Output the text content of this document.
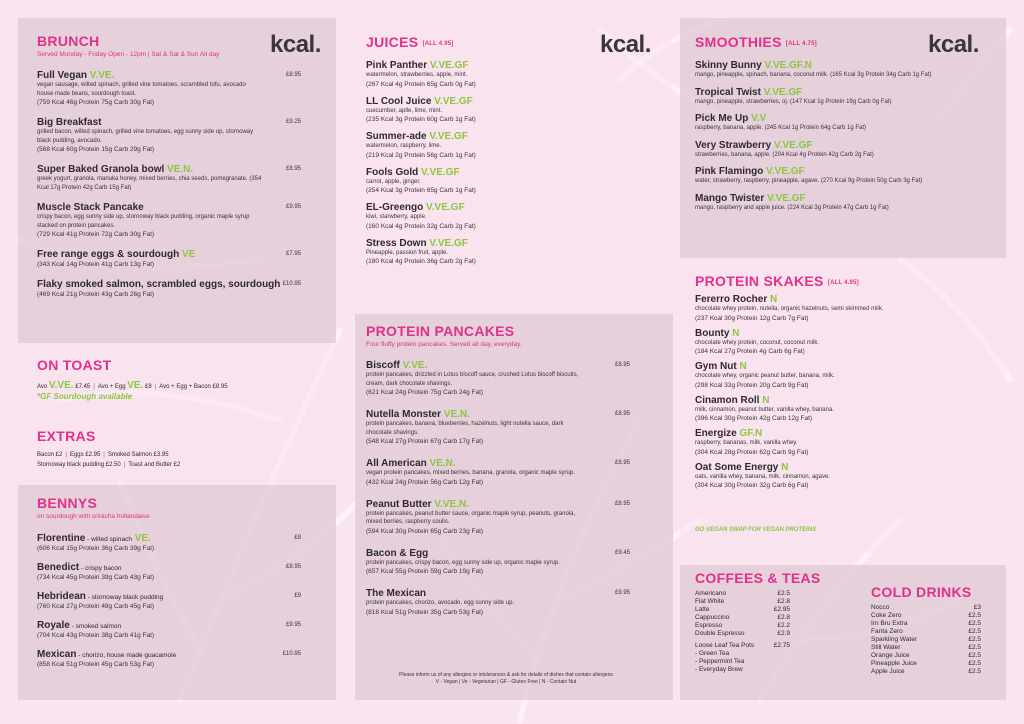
BRUNCH
Served Monday - Friday Open - 12pm | Sat & Sat & Sun All day
Full Vegan V.VE.	£8.95
vegan sausage, wilted spinach, grilled vine tomatoes, scrambled tofu, avocado house made beans, sourdough toast.
(759 Kcal 46g Protein 75g Carb 30g Fat)
Big Breakfast	£9.25
grilled bacon, wilted spinach, grilled vine tomatoes, egg sunny side up, stornoway black pudding, avocado.
(568 Kcal 60g Protein 15g Carb 29g Fat)
Super Baked Granola bowl VE.N.	£8.95
greek yogurt, granola, manuka honey, mixed berries, chia seeds, pomegranate. (354 Kcal 17g Protein 42g Carb 15g Fat)
Muscle Stack Pancake	£9.95
crispy bacon, egg sunny side up, stornoway black pudding, organic maple syrup stacked on protein pancakes.
(729 Kcal 41g Protein 72g Carb 30g Fat)
Free range eggs & sourdough VE	£7.95
(343 Kcal 14g Protein 41g Carb 13g Fat)
Flaky smoked salmon, scrambled eggs, sourdough £10.95
(469 Kcal 21g Protein 43g Carb 26g Fat)
ON TOAST
Avo V.VE. £7.45 | Avo + Egg VE. £8 | Avo + Egg + Bacon £8.95
*GF Sourdough available
EXTRAS
Bacon £2 | Eggs £2.95 | Smoked Salmon £3.95
Stornoway black pudding £2.50 | Toast and Butter £2
BENNYS
on sourdough with sriracha hollandaise
Florentine - wilted spinach VE.	£8
(606 Kcal 15g Protein 36g Carb 39g Fat)
Benedict - crispy bacon	£8.95
(734 Kcal 45g Protein 39g Carb 43g Fat)
Hebridean - stornoway black pudding	£9
(760 Kcal 27g Protein 49g Carb 45g Fat)
Royale - smoked salmon	£9.95
(704 Kcal 43g Protein 38g Carb 41g Fat)
Mexican - chorizo, house made guacamole	£10.95
(858 Kcal 51g Protein 45g Carb 53g Fat)
kcal.	JUICES [ALL 4.95]
Pink Panther V.VE.GF
watermelon, strawberries, apple, mint.
(267 Kcal 4g Protein 65g Carb 0g Fat)
LL Cool Juice V.VE.GF
cuecumber, aplle, lime, mint.
(235 Kcal 3g Protein 60g Carb 1g Fat)
Summer-ade V.VE.GF
watermelon, raspberry, lime.
(219 Kcal 2g Protein 56g Carb 1g Fat)
Fools Gold V.VE.GF
carrot, apple, ginger.
(254 Kcal 3g Protein 65g Carb 1g Fat)
EL-Greengo V.VE.GF
kiwi, starwberry, apple.
(160 Kcal 4g Protein 32g Carb 2g Fat)
Stress Down V.VE.GF
Pineapple, passion fruit, apple.
(180 Kcal 4g Protein 36g Carb 2g Fat)
PROTEIN PANCAKES
Four fluffy protein pancakes. Served all day, everyday.
Biscoff V.VE.	£8.95
protein pancakes, drizzled in Lotus biscoff sauce, crushed Lotus biscoff biscuits, cream, dark chocolate shavings.
(621 Kcal 24g Protein 75g Carb 24g Fat)
Nutella Monster VE.N.	£8.95
protein pancakes, banana, blueberries, hazelnuts, light nutella sauce, dark chocolate shavings.
(548 Kcal 27g Protein 67g Carb 17g Fat)
All American VE.N.	£8.95
vegan protein pancakes, mixed berries, banana, granola, organic maple syrup.
(432 Kcal 24g Protein 56g Carb 12g Fat)
Peanut Butter V.VE.N.	£8.95
protein pancakes, peanut butter sauce, organic maple syrup, peanuts, granola, mixed berries, raspberry coulis.
(594 Kcal 30g Protein 65g Carb 23g Fat)
Bacon & Egg	£9.45
protein pancakes, crispy bacon, egg sunny side up, organic maple syrup.
(657 Kcal 55g Protein 59g Carb 19g Fat)
The Mexican	£9.95
protein pancakes, chorizo, avocado, egg sunny side up.
(818 Kcal 51g Protein 35g Carb 53g Fat)
kcal.
Please inform us of any allergies or intolerances & ask for details of dishes that contain allergens
V - Vegan | Ve - Vegetarian | GF - Gluten Free | N - Contain Nut
SMOOTHIES [ALL 4.75]
Skinny Bunny V.VE.GF.N
mango, pineapple, spinach, banana, coconut milk. (165 Kcal 3g Protein 34g Carb 1g Fat)
Tropical Twist V.VE.GF
mango, pineapple, strawberries, oj. (147 Kcal 1g Protein 19g Carb 0g Fat)
Pick Me Up V.V
raspberry, banana, apple. (245 Kcal 1g Protein 64g Carb 1g Fat)
Very Strawberry V.VE.GF
strawberries, banana, apple. (204 Kcal 4g Protein 42g Carb 2g Fat)
Pink Flamingo V.VE.GF
water, strawberry, raspberry, pineapple, agave. (270 Kcal 9g Protein 50g Carb 3g Fat)
Mango Twister V.VE.GF
mango, raspberry and apple juice. (224 Kcal 3g Protein 47g Carb 1g Fat)
PROTEIN SKAKES [ALL 4.95]
Fererro Rocher N
chocolate whey protein, nutella, organic hazelnuts, semi skimmed milk.
(237 Kcal 30g Protein 12g Carb 7g Fat)
Bounty N
chocolate whey protein, coconut, coconut milk.
(184 Kcal 27g Protein 4g Carb 6g Fat)
Gym Nut N
chocolate whey, organic peanut butter, banana, milk.
(298 Kcal 33g Protein 20g Carb 9g Fat)
Cinamon Roll N
milk, cinnamon, peanut butter, vanilla whey, banana.
(396 Kcal 30g Protein 42g Carb 12g Fat)
Energize GF.N
raspberry, bananas, milk, vanilla whey.
(304 Kcal 28g Protein 62g Carb 9g Fat)
Oat Some Energy N
oats, vanilla whey, banana, milk, cinnamon, agave.
(304 Kcal 30g Protein 32g Carb 6g Fat)
GO VEGAN SWAP FOR VEGAN PROTEINS
COFFEES & TEAS
Americano	£2.5
Flat White	£2.8
Latte	£2.95
Cappuccino	£2.8
Espresso	£2.2
Double Espresso	£2.9
Loose Leaf Tea Pots	£2.75
- Green Tea
- Peppermint Tea
- Everyday Brew
COLD DRINKS
Nocco	£3
Coke Zero	£2.5
Irn Bru Extra	£2.5
Fanta Zero	£2.5
Sparkling Water	£2.5
Still Water	£2.5
Orange Juice	£2.5
Pineapple Juice	£2.5
Apple Juice	£2.5
kcal.
